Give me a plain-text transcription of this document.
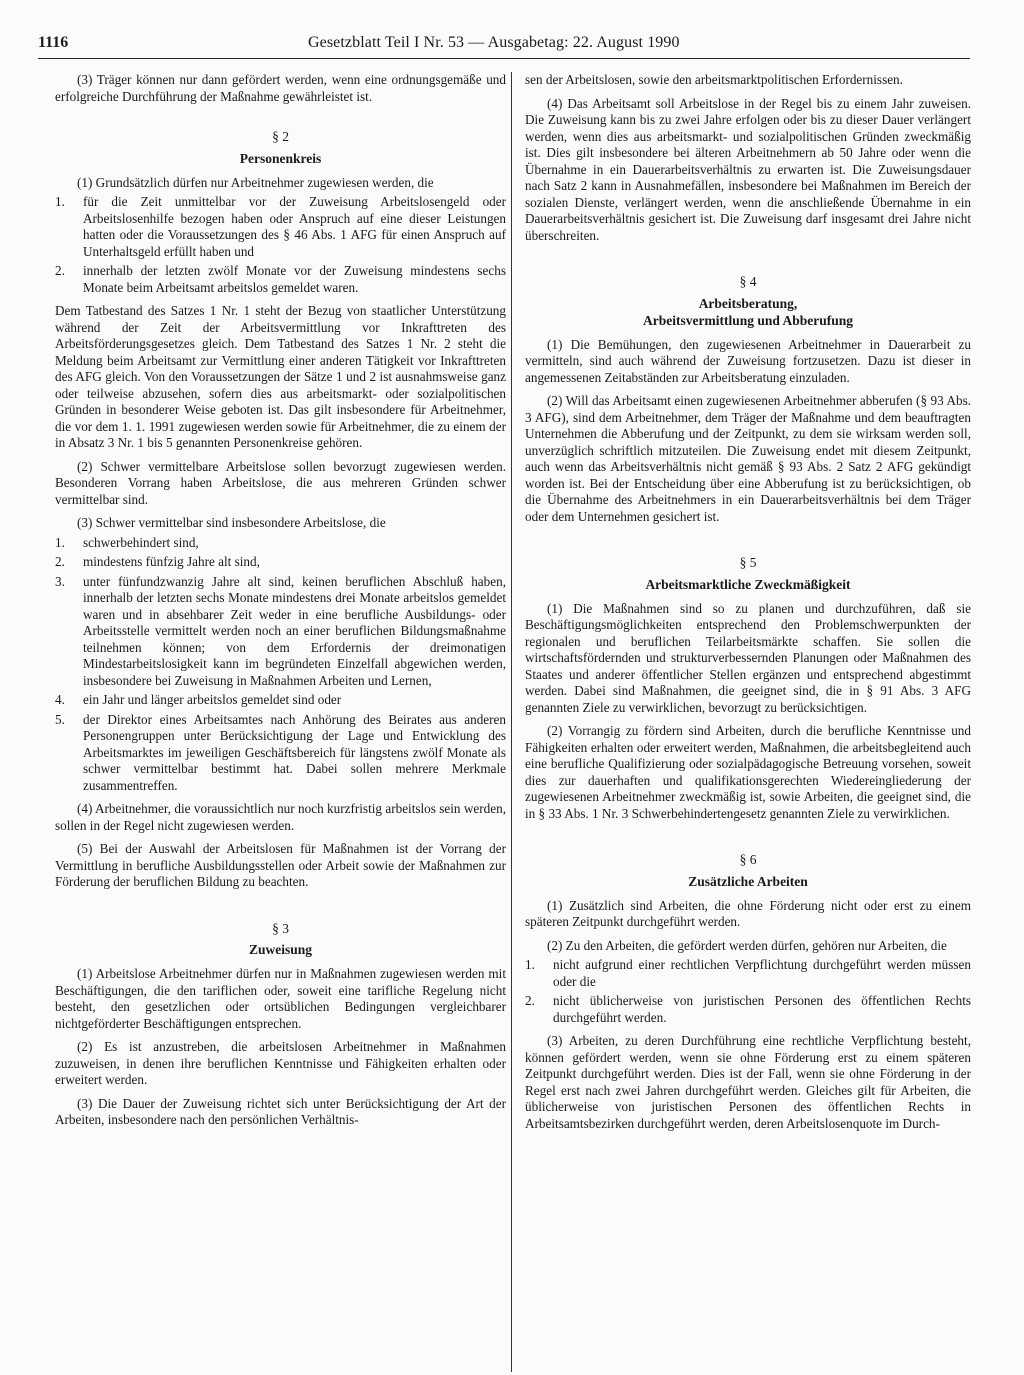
1116	Gesetzblatt Teil I Nr. 53 — Ausgabetag: 22. August 1990

(3) Träger können nur dann gefördert werden, wenn eine ordnungsgemäße und erfolgreiche Durchführung der Maßnahme gewährleistet ist.

§ 2
Personenkreis

(1) Grundsätzlich dürfen nur Arbeitnehmer zugewiesen werden, die

1. für die Zeit unmittelbar vor der Zuweisung Arbeitslosengeld oder Arbeitslosenhilfe bezogen haben oder Anspruch auf eine dieser Leistungen hatten oder die Voraussetzungen des § 46 Abs. 1 AFG für einen Anspruch auf Unterhaltsgeld erfüllt haben und
2. innerhalb der letzten zwölf Monate vor der Zuweisung mindestens sechs Monate beim Arbeitsamt arbeitslos gemeldet waren.

Dem Tatbestand des Satzes 1 Nr. 1 steht der Bezug von staatlicher Unterstützung während der Zeit der Arbeitsvermittlung vor Inkrafttreten des Arbeitsförderungsgesetzes gleich. Dem Tatbestand des Satzes 1 Nr. 2 steht die Meldung beim Arbeitsamt zur Vermittlung einer anderen Tätigkeit vor Inkrafttreten des AFG gleich. Von den Voraussetzungen der Sätze 1 und 2 ist ausnahmsweise ganz oder teilweise abzusehen, sofern dies aus arbeitsmarkt- oder sozialpolitischen Gründen in besonderer Weise geboten ist. Das gilt insbesondere für Arbeitnehmer, die vor dem 1. 1. 1991 zugewiesen werden sowie für Arbeitnehmer, die zu einem der in Absatz 3 Nr. 1 bis 5 genannten Personenkreise gehören.

(2) Schwer vermittelbare Arbeitslose sollen bevorzugt zugewiesen werden. Besonderen Vorrang haben Arbeitslose, die aus mehreren Gründen schwer vermittelbar sind.

(3) Schwer vermittelbar sind insbesondere Arbeitslose, die

1. schwerbehindert sind,
2. mindestens fünfzig Jahre alt sind,
3. unter fünfundzwanzig Jahre alt sind, keinen beruflichen Abschluß haben, innerhalb der letzten sechs Monate mindestens drei Monate arbeitslos gemeldet waren und in absehbarer Zeit weder in eine berufliche Ausbildungs- oder Arbeitsstelle vermittelt werden noch an einer beruflichen Bildungsmaßnahme teilnehmen können; von dem Erfordernis der dreimonatigen Mindestarbeitslosigkeit kann im begründeten Einzelfall abgewichen werden, insbesondere bei Zuweisung in Maßnahmen Arbeiten und Lernen,
4. ein Jahr und länger arbeitslos gemeldet sind oder
5. der Direktor eines Arbeitsamtes nach Anhörung des Beirates aus anderen Personengruppen unter Berücksichtigung der Lage und Entwicklung des Arbeitsmarktes im jeweiligen Geschäftsbereich für längstens zwölf Monate als schwer vermittelbar bestimmt hat. Dabei sollen mehrere Merkmale zusammentreffen.

(4) Arbeitnehmer, die voraussichtlich nur noch kurzfristig arbeitslos sein werden, sollen in der Regel nicht zugewiesen werden.

(5) Bei der Auswahl der Arbeitslosen für Maßnahmen ist der Vorrang der Vermittlung in berufliche Ausbildungsstellen oder Arbeit sowie der Maßnahmen zur Förderung der beruflichen Bildung zu beachten.

§ 3
Zuweisung

(1) Arbeitslose Arbeitnehmer dürfen nur in Maßnahmen zugewiesen werden mit Beschäftigungen, die den tariflichen oder, soweit eine tarifliche Regelung nicht besteht, den gesetzlichen oder ortsüblichen Bedingungen vergleichbarer nichtgeförderter Beschäftigungen entsprechen.

(2) Es ist anzustreben, die arbeitslosen Arbeitnehmer in Maßnahmen zuzuweisen, in denen ihre beruflichen Kenntnisse und Fähigkeiten erhalten oder erweitert werden.

(3) Die Dauer der Zuweisung richtet sich unter Berücksichtigung der Art der Arbeiten, insbesondere nach den persönlichen Verhältnis-

sen der Arbeitslosen, sowie den arbeitsmarktpolitischen Erfordernissen.

(4) Das Arbeitsamt soll Arbeitslose in der Regel bis zu einem Jahr zuweisen. Die Zuweisung kann bis zu zwei Jahre erfolgen oder bis zu dieser Dauer verlängert werden, wenn dies aus arbeitsmarkt- und sozialpolitischen Gründen zweckmäßig ist. Dies gilt insbesondere bei älteren Arbeitnehmern ab 50 Jahre oder wenn die Übernahme in ein Dauerarbeitsverhältnis zu erwarten ist. Die Zuweisungsdauer nach Satz 2 kann in Ausnahmefällen, insbesondere bei Maßnahmen im Bereich der sozialen Dienste, verlängert werden, wenn die anschließende Übernahme in ein Dauerarbeitsverhältnis gesichert ist. Die Zuweisung darf insgesamt drei Jahre nicht überschreiten.

§ 4
Arbeitsberatung,
Arbeitsvermittlung und Abberufung

(1) Die Bemühungen, den zugewiesenen Arbeitnehmer in Dauerarbeit zu vermitteln, sind auch während der Zuweisung fortzusetzen. Dazu ist dieser in angemessenen Zeitabständen zur Arbeitsberatung einzuladen.

(2) Will das Arbeitsamt einen zugewiesenen Arbeitnehmer abberufen (§ 93 Abs. 3 AFG), sind dem Arbeitnehmer, dem Träger der Maßnahme und dem beauftragten Unternehmen die Abberufung und der Zeitpunkt, zu dem sie wirksam werden soll, unverzüglich schriftlich mitzuteilen. Die Zuweisung endet mit diesem Zeitpunkt, auch wenn das Arbeitsverhältnis nicht gemäß § 93 Abs. 2 Satz 2 AFG gekündigt worden ist. Bei der Entscheidung über eine Abberufung ist zu berücksichtigen, ob die Übernahme des Arbeitnehmers in ein Dauerarbeitsverhältnis bei dem Träger oder dem Unternehmen gesichert ist.

§ 5
Arbeitsmarktliche Zweckmäßigkeit

(1) Die Maßnahmen sind so zu planen und durchzuführen, daß sie Beschäftigungsmöglichkeiten entsprechend den Problemschwerpunkten der regionalen und beruflichen Teilarbeitsmärkte schaffen. Sie sollen die wirtschaftsfördernden und strukturverbessernden Planungen oder Maßnahmen des Staates und anderer öffentlicher Stellen ergänzen und entsprechend abgestimmt werden. Dabei sind Maßnahmen, die geeignet sind, die in § 91 Abs. 3 AFG genannten Ziele zu verwirklichen, bevorzugt zu berücksichtigen.

(2) Vorrangig zu fördern sind Arbeiten, durch die berufliche Kenntnisse und Fähigkeiten erhalten oder erweitert werden, Maßnahmen, die arbeitsbegleitend auch eine berufliche Qualifizierung oder sozialpädagogische Betreuung vorsehen, soweit dies zur dauerhaften und qualifikationsgerechten Wiedereingliederung der zugewiesenen Arbeitnehmer zweckmäßig ist, sowie Arbeiten, die geeignet sind, die in § 33 Abs. 1 Nr. 3 Schwerbehindertengesetz genannten Ziele zu verwirklichen.

§ 6
Zusätzliche Arbeiten

(1) Zusätzlich sind Arbeiten, die ohne Förderung nicht oder erst zu einem späteren Zeitpunkt durchgeführt werden.

(2) Zu den Arbeiten, die gefördert werden dürfen, gehören nur Arbeiten, die

1. nicht aufgrund einer rechtlichen Verpflichtung durchgeführt werden müssen oder die
2. nicht üblicherweise von juristischen Personen des öffentlichen Rechts durchgeführt werden.

(3) Arbeiten, zu deren Durchführung eine rechtliche Verpflichtung besteht, können gefördert werden, wenn sie ohne Förderung erst zu einem späteren Zeitpunkt durchgeführt werden. Dies ist der Fall, wenn sie ohne Förderung in der Regel erst nach zwei Jahren durchgeführt werden. Gleiches gilt für Arbeiten, die üblicherweise von juristischen Personen des öffentlichen Rechts in Arbeitsamtsbezirken durchgeführt werden, deren Arbeitslosenquote im Durch-
